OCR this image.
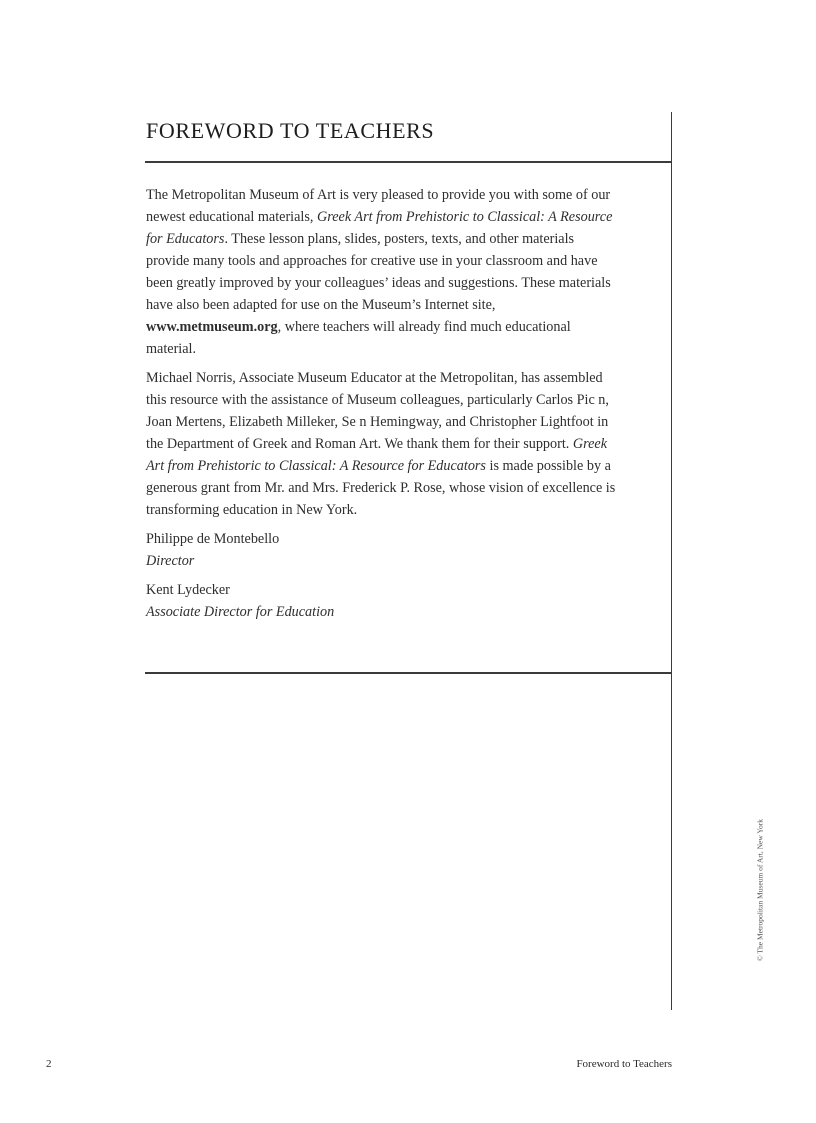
FOREWORD TO TEACHERS

The Metropolitan Museum of Art is very pleased to provide you with some of our newest educational materials, Greek Art from Prehistoric to Classical: A Resource for Educators. These lesson plans, slides, posters, texts, and other materials provide many tools and approaches for creative use in your classroom and have been greatly improved by your colleagues’ ideas and suggestions. These materials have also been adapted for use on the Museum’s Internet site, www.metmuseum.org, where teachers will already find much educational material.

Michael Norris, Associate Museum Educator at the Metropolitan, has assembled this resource with the assistance of Museum colleagues, particularly Carlos Pic n, Joan Mertens, Elizabeth Milleker, Se n Hemingway, and Christopher Lightfoot in the Department of Greek and Roman Art. We thank them for their support. Greek Art from Prehistoric to Classical: A Resource for Educators is made possible by a generous grant from Mr. and Mrs. Frederick P. Rose, whose vision of excellence is transforming education in New York.

Philippe de Montebello
Director
Kent Lydecker
Associate Director for Education
© The Metropolitan Museum of Art, New York
2	Foreword to Teachers
